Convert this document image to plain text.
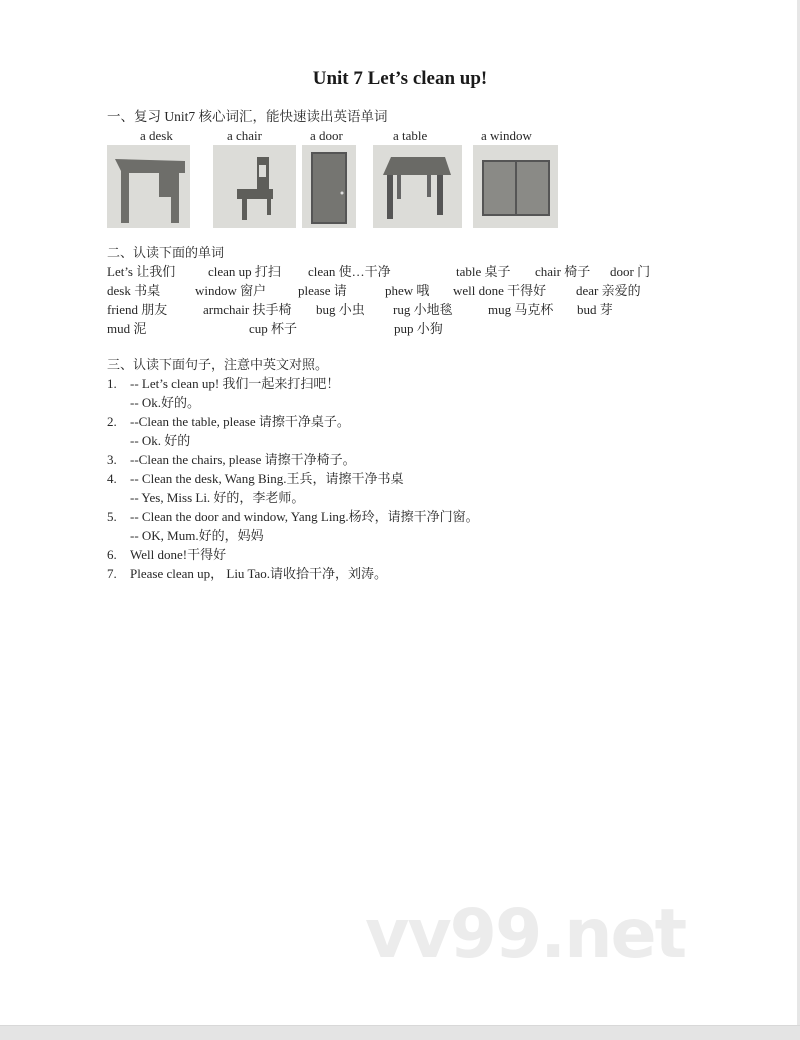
Unit 7 Let’s clean up!
一、复习 Unit7 核心词汇，能快速读出英语单词
a desk	a chair	a door	a table	a window
二、认读下面的单词
Let’s 让我们	clean up 打扫 clean 使…干净	table 桌子 chair 椅子 door 门
desk 书桌	window 窗户 please 请	phew 哦 well done 干得好 dear 亲爱的
friend 朋友	armchair 扶手椅 bug 小虫 rug 小地毯	mug 马克杯 bud 芽
mud 泥	cup 杯子	pup 小狗
三、认读下面句子，注意中英文对照。
1. -- Let’s clean up! 我们一起来打扫吧！
-- Ok.好的。
2. --Clean the table, please 请擦干净桌子。
-- Ok. 好的
3. --Clean the chairs, please 请擦干净椅子。
4. -- Clean the desk, Wang Bing.王兵，请擦干净书桌
-- Yes, Miss Li. 好的，李老师。
5. -- Clean the door and window, Yang Ling.杨玲，请擦干净门窗。
-- OK, Mum.好的，妈妈
6. Well done!干得好
7. Please clean up， Liu Tao.请收拾干净，刘涛。
vv99.net
